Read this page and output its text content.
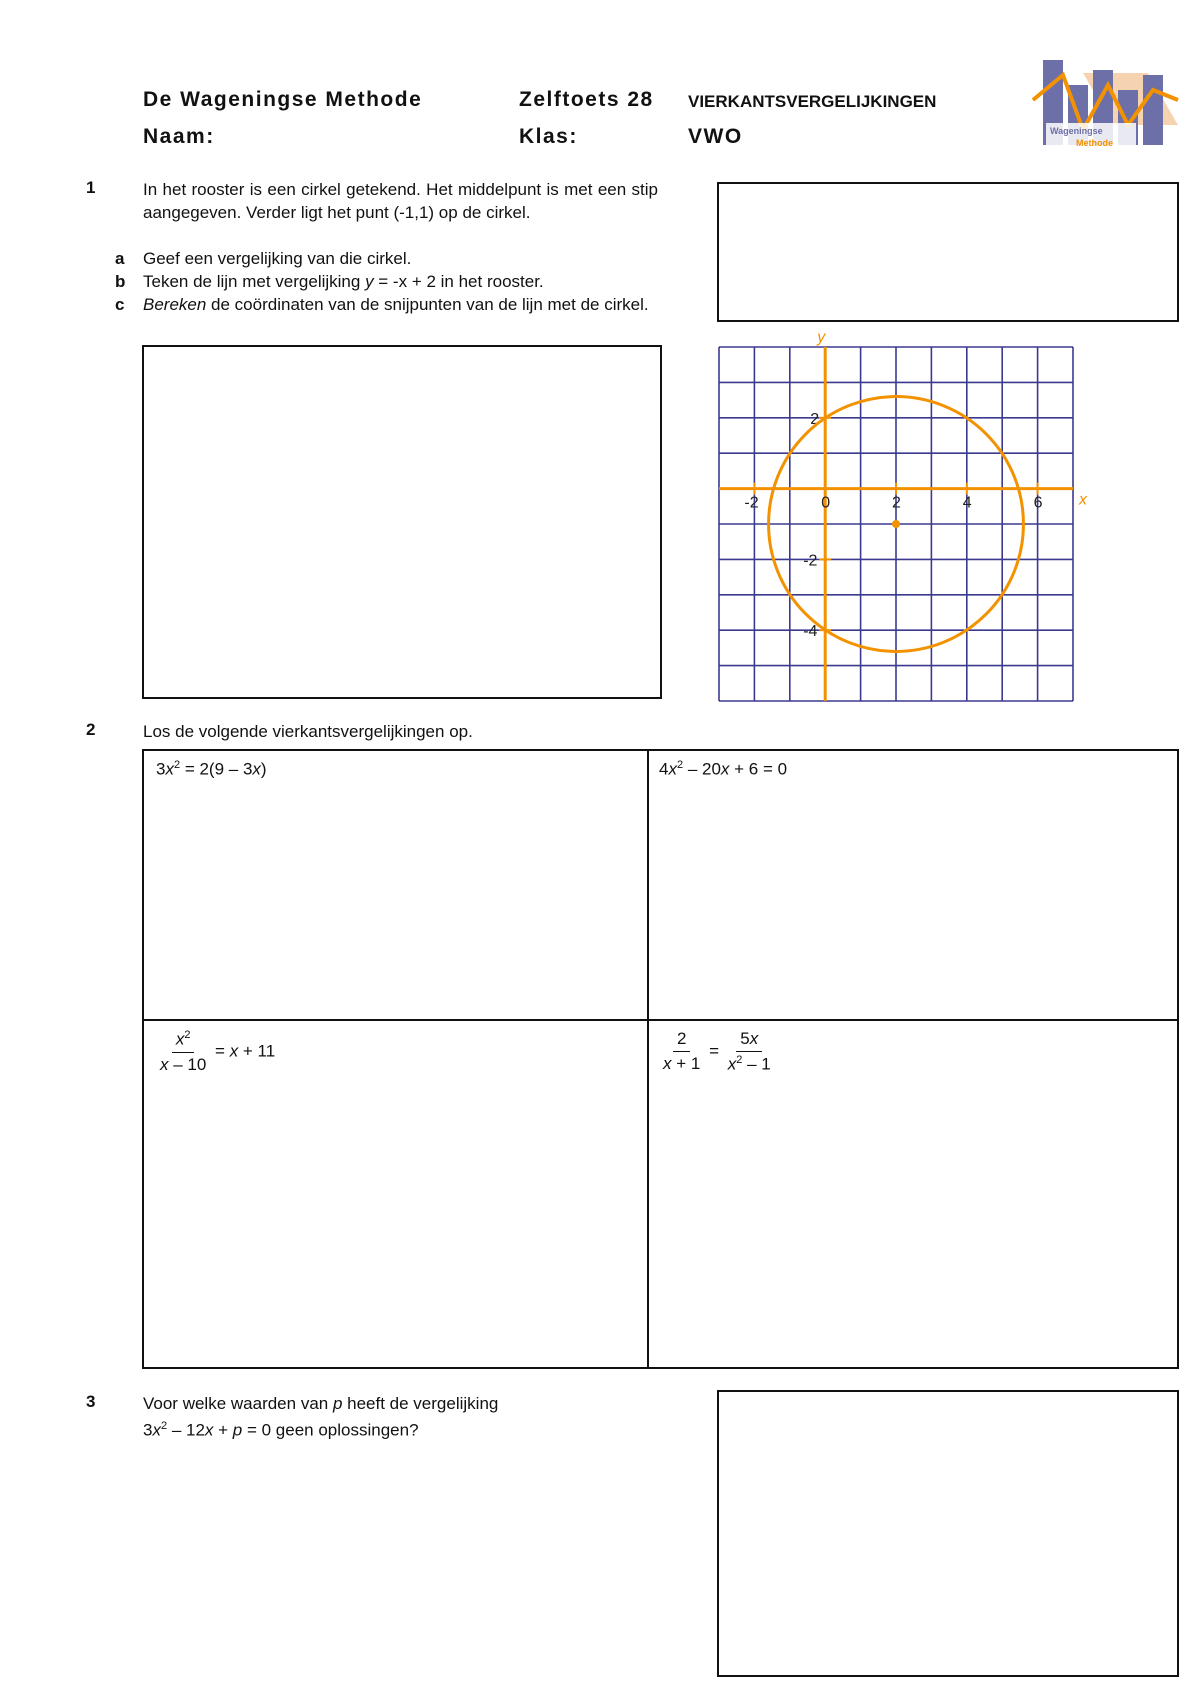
De Wageningse Methode	Zelftoets 28 VIERKANTSVERGELIJKINGEN
Naam:	Klas:	VWO	Wageningse
Methode
1	In het rooster is een cirkel getekend. Het middelpunt is met een stip aangegeven. Verder ligt het punt (-1,1) op de cirkel.
a Geef een vergelijking van die cirkel.
b Teken de lijn met vergelijking y = -x + 2 in het rooster.
c Bereken de coördinaten van de snijpunten van de lijn met de cirkel.
-2	0	2	4	6
2
-2
-4
x
y
2	Los de volgende vierkantsvergelijkingen op.
$3x^2 = 2(9 - 3x)$	$4x^2 - 20x + 6 = 0$
$\frac{x^2}{x - 10} = x + 11$	$\frac{2}{x + 1} = \frac{5x}{x^2 - 1}$
3	Voor welke waarden van p heeft de vergelijking
$3x^2 - 12x + p = 0$ geen oplossingen?
